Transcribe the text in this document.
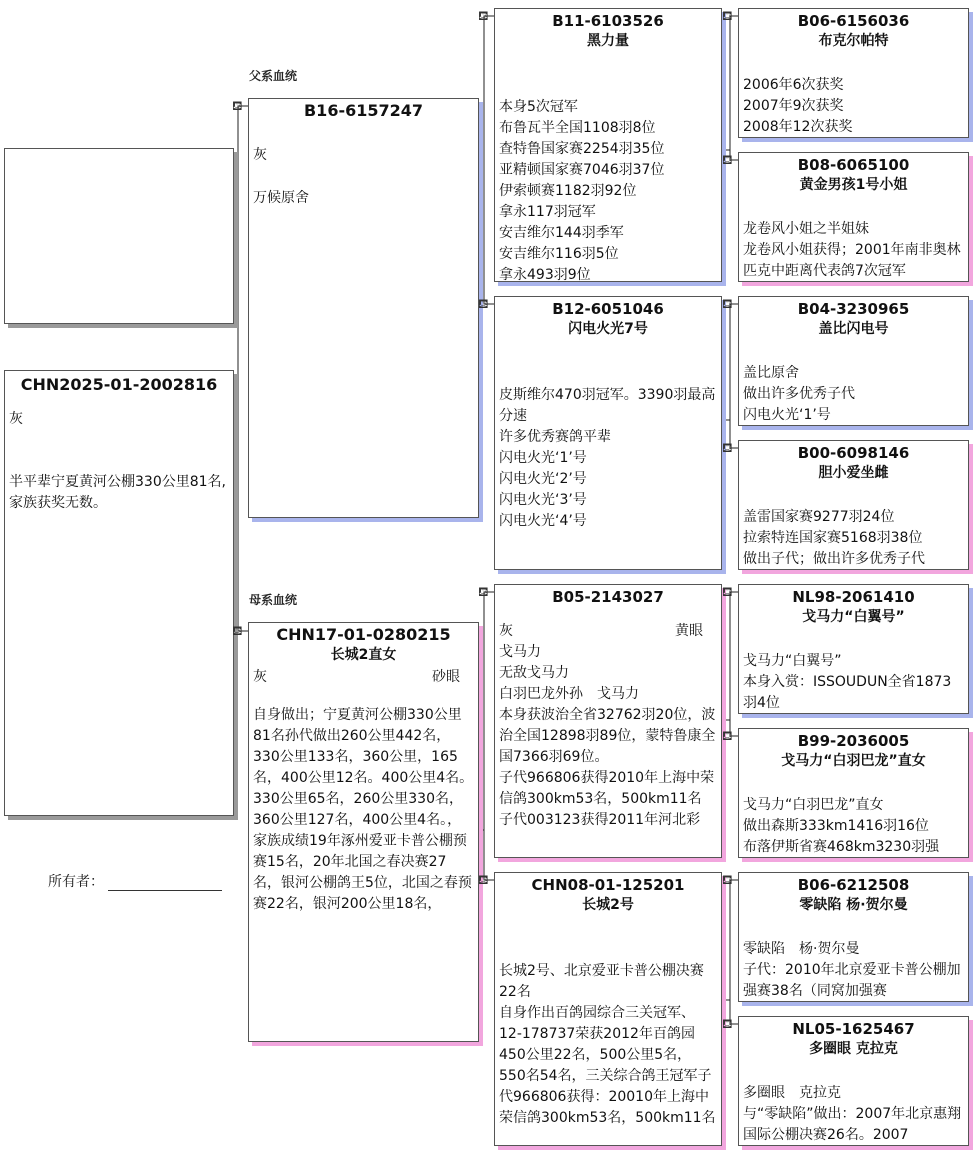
CHN2025-01-2002816
灰
半平辈宁夏黄河公棚330公里81名,家族获奖无数。
所有者：
父系血统
母系血统
⛾	B16-6157247
灰
万候原舍
⛾	CHN17-01-0280215
长城2直女
灰	砂眼
自身做出；宁夏黄河公棚330公里81名孙代做出260公里442名，330公里133名，360公里，165名，400公里12名。400公里4名。330公里65名，260公里330名，360公里127名，400公里4名。，家族成绩19年涿州爱亚卡普公棚预赛15名，20年北国之春决赛27名，银河公棚鸽王5位，北国之春预赛22名，银河200公里18名，
⛾	B11-6103526
黑力量
本身5次冠军
布鲁瓦半全国1108羽8位
查特鲁国家赛2254羽35位
亚精顿国家赛7046羽37位
伊索顿赛1182羽92位
拿永117羽冠军
安吉维尔144羽季军
安吉维尔116羽5位
拿永493羽9位
⛾	B12-6051046
闪电火光7号
皮斯维尔470羽冠军。3390羽最高分速
许多优秀赛鸽平辈
闪电火光‘1’号
闪电火光‘2’号
闪电火光‘3’号
闪电火光‘4’号
⛾	B05-2143027
灰	黄眼
戈马力
无敌戈马力
白羽巴龙外孙　戈马力
本身获波治全省32762羽20位，波治全国12898羽89位，蒙特鲁康全国7366羽69位。
子代966806获得2010年上海中荣信鸽300km53名，500km11名
子代003123获得2011年河北彩
⛾	CHN08-01-125201
长城2号
长城2号、北京爱亚卡普公棚决赛22名
自身作出百鸽园综合三关冠军、12-178737荣获2012年百鸽园450公里22名，500公里5名，550名54名，三关综合鸽王冠军子代966806获得：20010年上海中荣信鸽300km53名，500km11名
⛾	B06-6156036
布克尔帕特
2006年6次获奖
2007年9次获奖
2008年12次获奖
⛾	B08-6065100
黄金男孩1号小姐
龙卷风小姐之半姐妹
龙卷风小姐获得；2001年南非奥林匹克中距离代表鸽7次冠军
⛾	B04-3230965
盖比闪电号
盖比原舍
做出许多优秀子代
闪电火光‘1’号
⛾	B00-6098146
胆小爱坐雌
盖雷国家赛9277羽24位
拉索特连国家赛5168羽38位
做出子代；做出许多优秀子代
⛾	NL98-2061410
戈马力“白翼号”
戈马力“白翼号”
本身入赏：ISSOUDUN全省1873羽4位
⛾	B99-2036005
戈马力“白羽巴龙”直女
戈马力“白羽巴龙”直女
做出森斯333km1416羽16位
布落伊斯省赛468km3230羽强
⛾	B06-6212508
零缺陷 杨·贺尔曼
零缺陷　杨·贺尔曼
子代：2010年北京爱亚卡普公棚加强赛38名（同窝加强赛
⛾	NL05-1625467
多圈眼 克拉克
多圈眼　克拉克
与“零缺陷”做出：2007年北京惠翔国际公棚决赛26名。2007
